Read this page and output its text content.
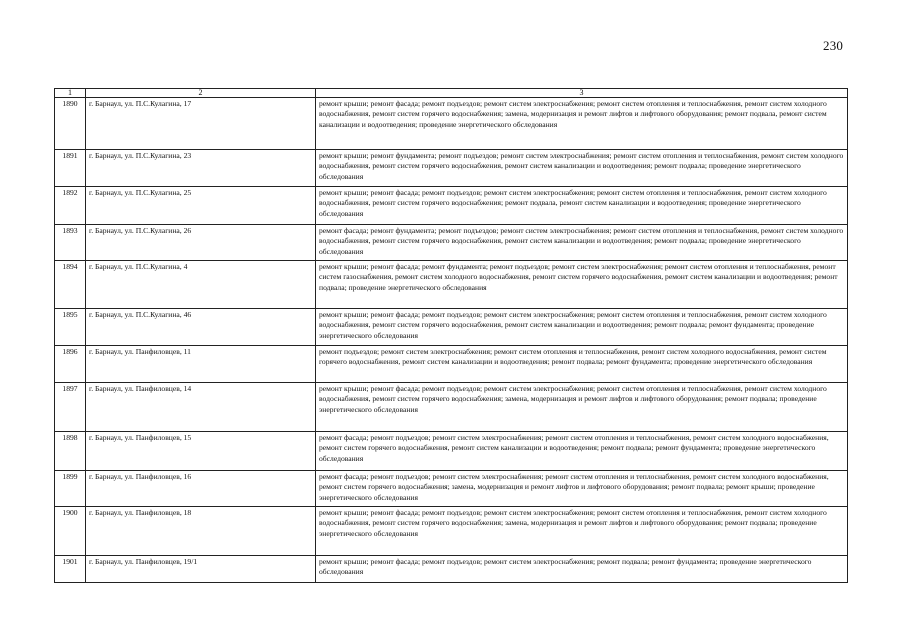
230
1	2	3
1890	г. Барнаул, ул. П.С.Кулагина, 17	ремонт крыши; ремонт фасада; ремонт подъездов; ремонт систем электроснабжения; ремонт систем отопления и теплоснабжения, ремонт систем холодного водоснабжения, ремонт систем горячего водоснабжения; замена, модернизация и ремонт лифтов и лифтового оборудования; ремонт подвала, ремонт систем канализации и водоотведения; проведение энергетического обследования
1891	г. Барнаул, ул. П.С.Кулагина, 23	ремонт крыши; ремонт фундамента; ремонт подъездов; ремонт систем электроснабжения; ремонт систем отопления и теплоснабжения, ремонт систем холодного водоснабжения, ремонт систем горячего водоснабжения, ремонт систем канализации и водоотведения; ремонт подвала; проведение энергетического обследования
1892	г. Барнаул, ул. П.С.Кулагина, 25	ремонт крыши; ремонт фасада; ремонт подъездов; ремонт систем электроснабжения; ремонт систем отопления и теплоснабжения, ремонт систем холодного водоснабжения, ремонт систем горячего водоснабжения; ремонт подвала, ремонт систем канализации и водоотведения; проведение энергетического обследования
1893	г. Барнаул, ул. П.С.Кулагина, 26	ремонт фасада; ремонт фундамента; ремонт подъездов; ремонт систем электроснабжения; ремонт систем отопления и теплоснабжения, ремонт систем холодного водоснабжения, ремонт систем горячего водоснабжения, ремонт систем канализации и водоотведения; ремонт подвала; проведение энергетического обследования
1894	г. Барнаул, ул. П.С.Кулагина, 4	ремонт крыши; ремонт фасада; ремонт фундамента; ремонт подъездов; ремонт систем электроснабжения; ремонт систем отопления и теплоснабжения, ремонт систем газоснабжения, ремонт систем холодного водоснабжения, ремонт систем горячего водоснабжения, ремонт систем канализации и водоотведения; ремонт подвала; проведение энергетического обследования
1895	г. Барнаул, ул. П.С.Кулагина, 46	ремонт крыши; ремонт фасада; ремонт подъездов; ремонт систем электроснабжения; ремонт систем отопления и теплоснабжения, ремонт систем холодного водоснабжения, ремонт систем горячего водоснабжения, ремонт систем канализации и водоотведения; ремонт подвала; ремонт фундамента; проведение энергетического обследования
1896	г. Барнаул, ул. Панфиловцев, 11	ремонт подъездов; ремонт систем электроснабжения; ремонт систем отопления и теплоснабжения, ремонт систем холодного водоснабжения, ремонт систем горячего водоснабжения, ремонт систем канализации и водоотведения; ремонт подвала; ремонт фундамента; проведение энергетического обследования
1897	г. Барнаул, ул. Панфиловцев, 14	ремонт крыши; ремонт фасада; ремонт подъездов; ремонт систем электроснабжения; ремонт систем отопления и теплоснабжения, ремонт систем холодного водоснабжения, ремонт систем горячего водоснабжения; замена, модернизация и ремонт лифтов и лифтового оборудования; ремонт подвала; проведение энергетического обследования
1898	г. Барнаул, ул. Панфиловцев, 15	ремонт фасада; ремонт подъездов; ремонт систем электроснабжения; ремонт систем отопления и теплоснабжения, ремонт систем холодного водоснабжения, ремонт систем горячего водоснабжения, ремонт систем канализации и водоотведения; ремонт подвала; ремонт фундамента; проведение энергетического обследования
1899	г. Барнаул, ул. Панфиловцев, 16	ремонт фасада; ремонт подъездов; ремонт систем электроснабжения; ремонт систем отопления и теплоснабжения, ремонт систем холодного водоснабжения, ремонт систем горячего водоснабжения; замена, модернизация и ремонт лифтов и лифтового оборудования; ремонт подвала; ремонт крыши; проведение энергетического обследования
1900	г. Барнаул, ул. Панфиловцев, 18	ремонт крыши; ремонт фасада; ремонт подъездов; ремонт систем электроснабжения; ремонт систем отопления и теплоснабжения, ремонт систем холодного водоснабжения, ремонт систем горячего водоснабжения; замена, модернизация и ремонт лифтов и лифтового оборудования; ремонт подвала; проведение энергетического обследования
1901	г. Барнаул, ул. Панфиловцев, 19/1	ремонт крыши; ремонт фасада; ремонт подъездов; ремонт систем электроснабжения; ремонт подвала; ремонт фундамента; проведение энергетического обследования
